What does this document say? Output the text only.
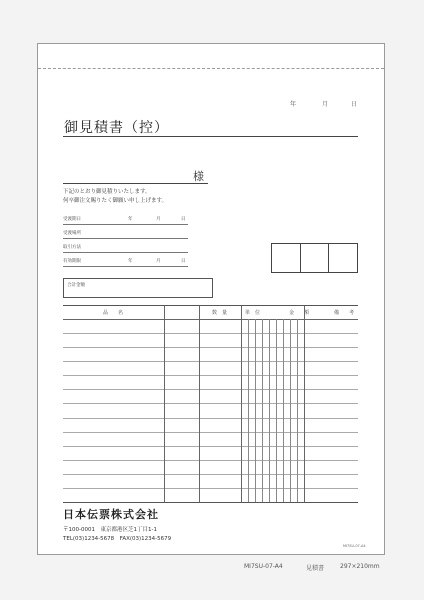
年	月	日
御見積書（控）
様
下記のとおり御見積りいたします。
何卒御注文賜りたく御願い申し上げます。
受渡期日	年	月	日
受渡場所
取引方法
有効期限	年	月	日
合計金額
品　　名	数　量	単　位	金　　額	備　　考
日本伝票株式会社
〒100-0001　東京都港区芝1丁目1-1
TEL(03)1234-5678　FAX(03)1234-5679
MI7SU-07-A4
MI7SU-07-A4	見積書	297×210mm
